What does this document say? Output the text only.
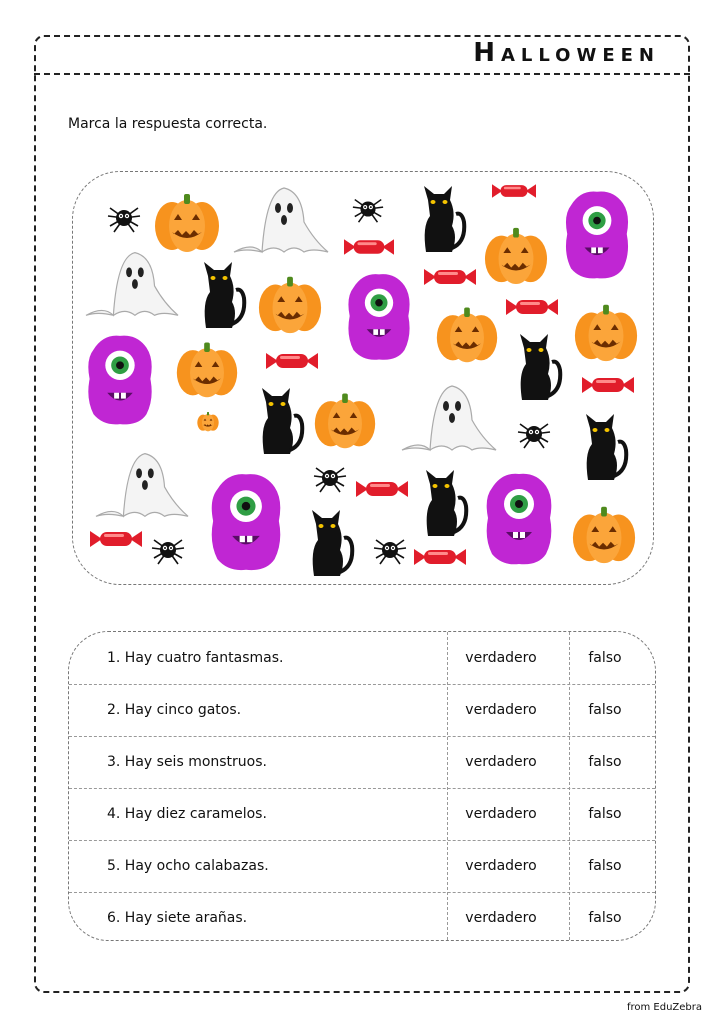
Halloween
Marca la respuesta correcta.
1. Hay cuatro fantasmas.	verdadero	falso
2. Hay cinco gatos.	verdadero	falso
3. Hay seis monstruos.	verdadero	falso
4. Hay diez caramelos.	verdadero	falso
5. Hay ocho calabazas.	verdadero	falso
6. Hay siete arañas.	verdadero	falso
from EduZebra
